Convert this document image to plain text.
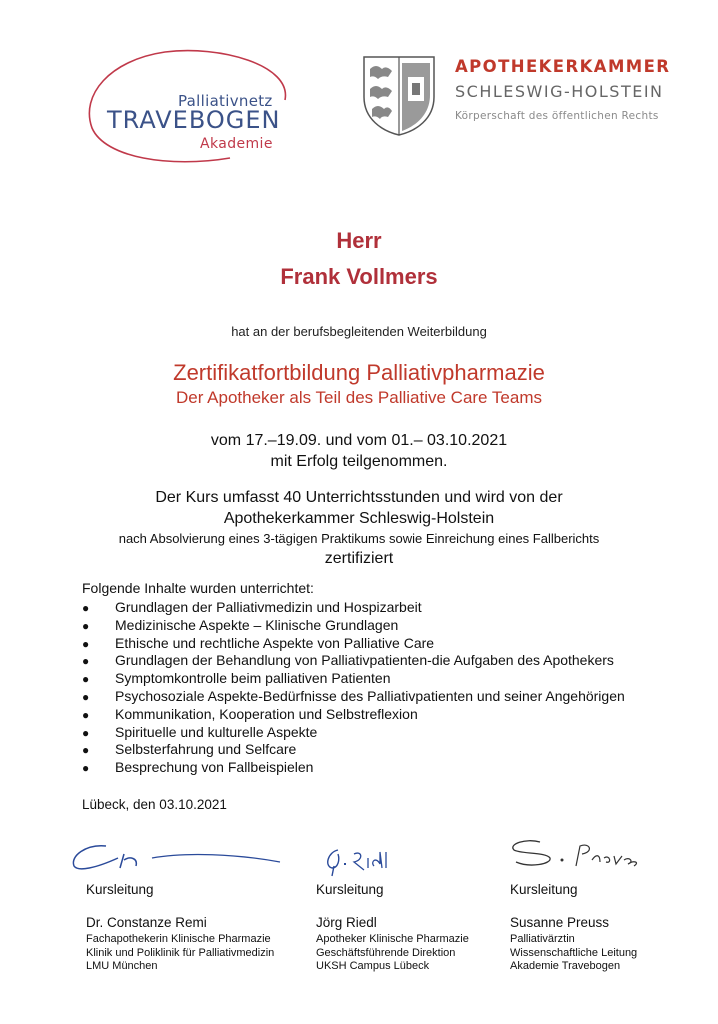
Palliativnetz
TRAVEBOGEN
Akademie
APOTHEKERKAMMER
SCHLESWIG-HOLSTEIN
Körperschaft des öffentlichen Rechts
Herr
Frank Vollmers
hat an der berufsbegleitenden Weiterbildung
Zertifikatfortbildung Palliativpharmazie
Der Apotheker als Teil des Palliative Care Teams
vom 17.–19.09. und vom 01.– 03.10.2021
mit Erfolg teilgenommen.
Der Kurs umfasst 40 Unterrichtsstunden und wird von der
Apothekerkammer Schleswig-Holstein
nach Absolvierung eines 3-tägigen Praktikums sowie Einreichung eines Fallberichts
zertifiziert
Folgende Inhalte wurden unterrichtet:
● Grundlagen der Palliativmedizin und Hospizarbeit
● Medizinische Aspekte – Klinische Grundlagen
● Ethische und rechtliche Aspekte von Palliative Care
● Grundlagen der Behandlung von Palliativpatienten-die Aufgaben des Apothekers
● Symptomkontrolle beim palliativen Patienten
● Psychosoziale Aspekte-Bedürfnisse des Palliativpatienten und seiner Angehörigen
● Kommunikation, Kooperation und Selbstreflexion
● Spirituelle und kulturelle Aspekte
● Selbsterfahrung und Selfcare
● Besprechung von Fallbeispielen
Lübeck, den 03.10.2021
Kursleitung
Dr. Constanze Remi
Fachapothekerin Klinische Pharmazie
Klinik und Poliklinik für Palliativmedizin
LMU München
Kursleitung
Jörg Riedl
Apotheker Klinische Pharmazie
Geschäftsführende Direktion
UKSH Campus Lübeck
Kursleitung
Susanne Preuss
Palliativärztin
Wissenschaftliche Leitung
Akademie Travebogen
